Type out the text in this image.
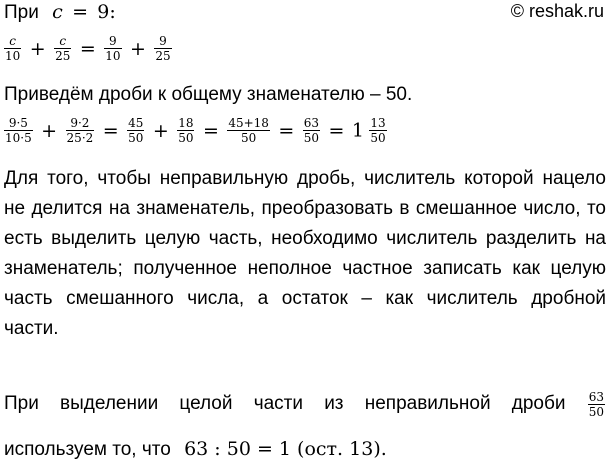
При c = 9:	© reshak.ru
$\frac{c}{10} + \frac{c}{25} = \frac{9}{10} + \frac{9}{25}$
Приведём дроби к общему знаменателю – 50.
$\frac{9\cdot 5}{10\cdot 5} + \frac{9\cdot 2}{25\cdot 2} = \frac{45}{50} + \frac{18}{50} = \frac{45+18}{50} = \frac{63}{50} = 1 \frac{13}{50}$
Для того, чтобы неправильную дробь, числитель которой нацело
не делится на знаменатель, преобразовать в смешанное число, то
есть выделить целую часть, необходимо числитель разделить на
знаменатель; полученное неполное частное записать как целую
часть смешанного числа, а остаток – как числитель дробной
части.
При выделении целой части из неправильной дроби $\frac{63}{50}$
используем то, что 63 : 50 = 1 (ост. 13).
